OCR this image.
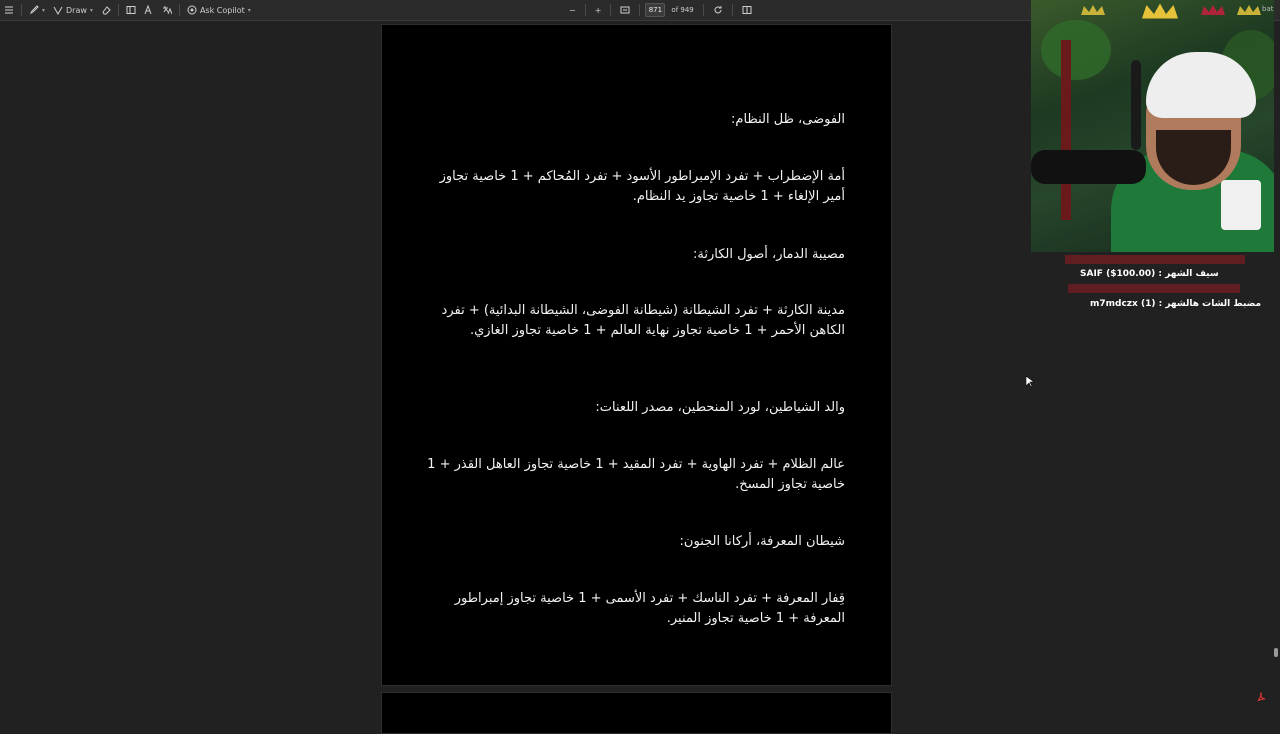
▾	Draw ▾	Ask Copilot ▾	− +
871	of 949
الفوضى، ظل النظام:
أمة الإضطراب + تفرد الإمبراطور الأسود + تفرد المُحاكم + 1 خاصية تجاوز أمير الإلغاء + 1 خاصية تجاوز يد النظام.
مصيبة الدمار، أصول الكارثة:
مدينة الكارثة + تفرد الشيطانة (شيطانة الفوضى، الشيطانة البدائية) + تفرد الكاهن الأحمر + 1 خاصية تجاوز نهاية العالم + 1 خاصية تجاوز الغازي.
والد الشياطين، لورد المنحطين، مصدر اللعنات:
عالم الظلام + تفرد الهاوية + تفرد المقيد + 1 خاصية تجاوز العاهل القذر + 1 خاصية تجاوز المسخ.
شيطان المعرفة، أركانا الجنون:
قِفار المعرفة + تفرد الناسك + تفرد الأسمى + 1 خاصية تجاوز إمبراطور المعرفة + 1 خاصية تجاوز المنير.
bat
سيف الشهر : SAIF ($100.00)
مضبط الشات هالشهر : m7mdczx (1)
